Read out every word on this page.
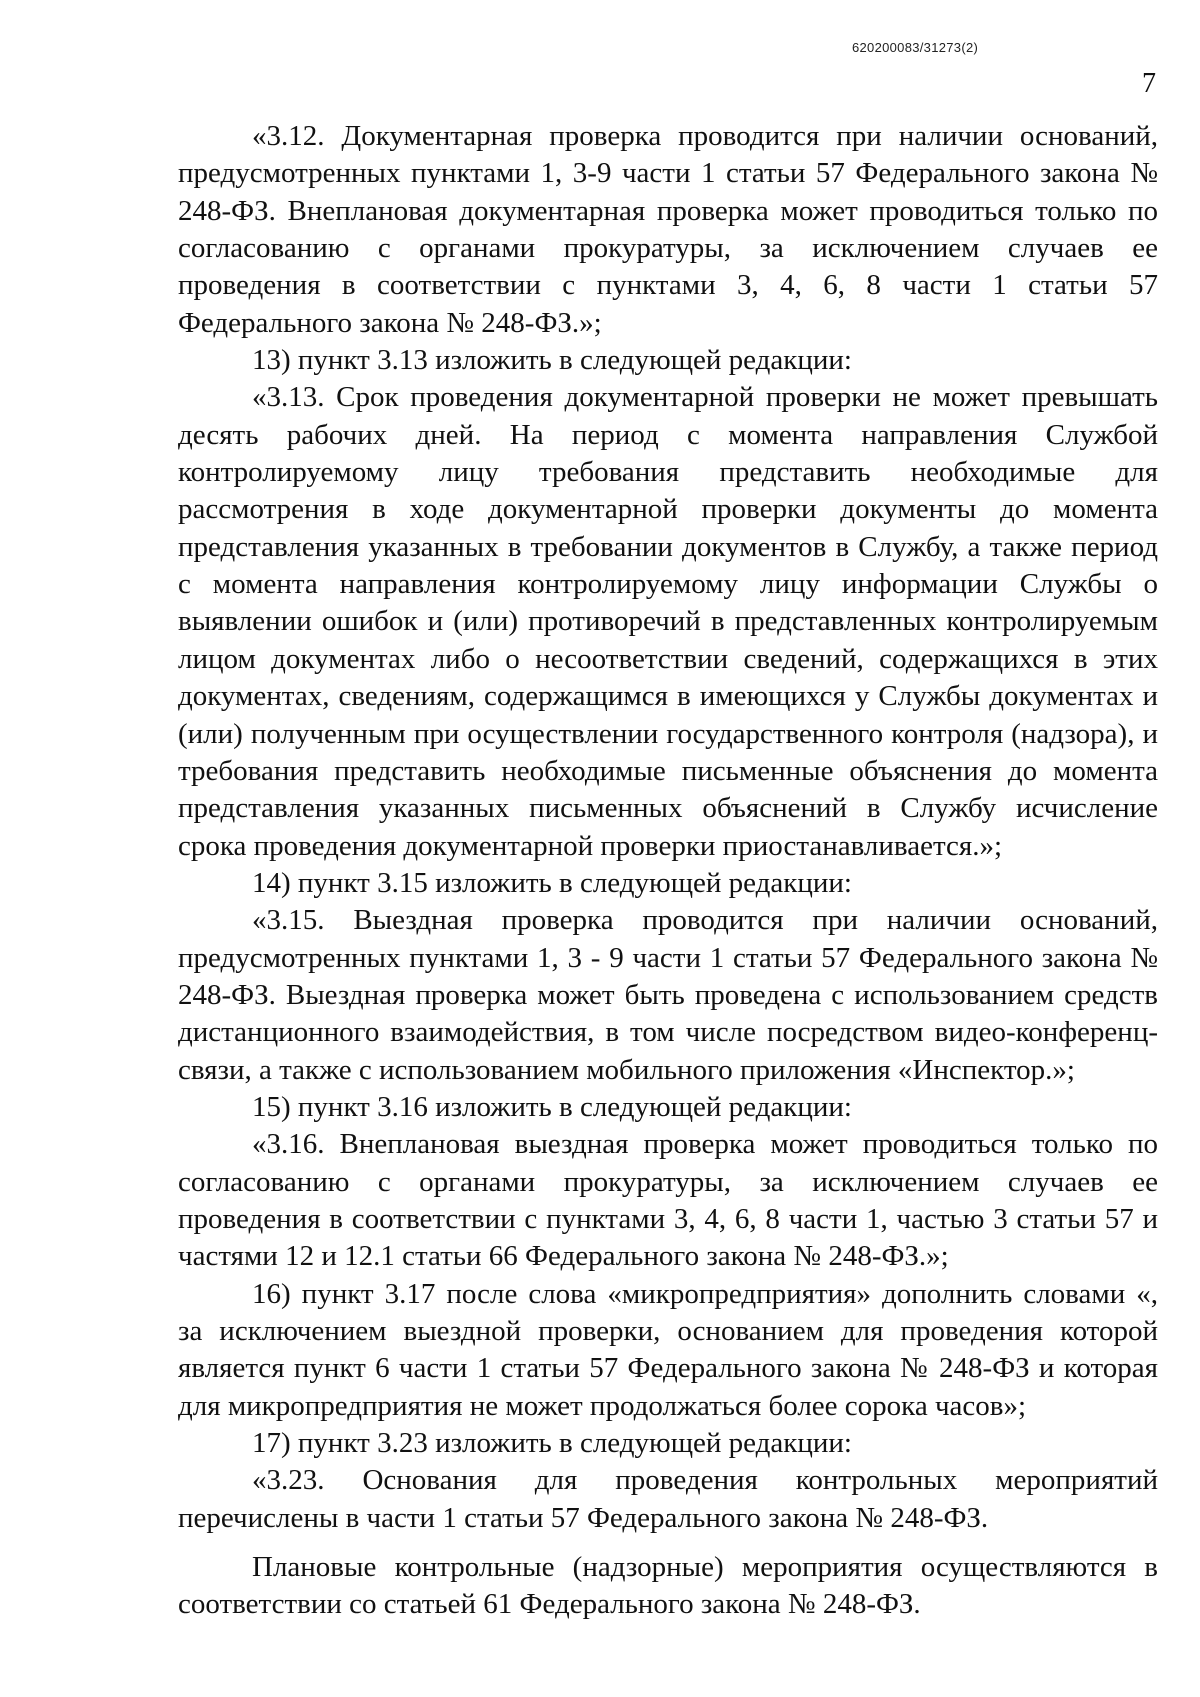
620200083/31273(2)
7

«3.12. Документарная проверка проводится при наличии оснований, предусмотренных пунктами 1, 3-9 части 1 статьи 57 Федерального закона № 248-ФЗ. Внеплановая документарная проверка может проводиться только по согласованию с органами прокуратуры, за исключением случаев ее проведения в соответствии с пунктами 3, 4, 6, 8 части 1 статьи 57 Федерального закона № 248-ФЗ.»;

13) пункт 3.13 изложить в следующей редакции:

«3.13. Срок проведения документарной проверки не может превышать десять рабочих дней. На период с момента направления Службой контролируемому лицу требования представить необходимые для рассмотрения в ходе документарной проверки документы до момента представления указанных в требовании документов в Службу, а также период с момента направления контролируемому лицу информации Службы о выявлении ошибок и (или) противоречий в представленных контролируемым лицом документах либо о несоответствии сведений, содержащихся в этих документах, сведениям, содержащимся в имеющихся у Службы документах и (или) полученным при осуществлении государственного контроля (надзора), и требования представить необходимые письменные объяснения до момента представления указанных письменных объяснений в Службу исчисление срока проведения документарной проверки приостанавливается.»;

14) пункт 3.15 изложить в следующей редакции:

«3.15. Выездная проверка проводится при наличии оснований, предусмотренных пунктами 1, 3 - 9 части 1 статьи 57 Федерального закона № 248-ФЗ. Выездная проверка может быть проведена с использованием средств дистанционного взаимодействия, в том числе посредством видео-конференц-связи, а также с использованием мобильного приложения «Инспектор.»;

15) пункт 3.16 изложить в следующей редакции:

«3.16. Внеплановая выездная проверка может проводиться только по согласованию с органами прокуратуры, за исключением случаев ее проведения в соответствии с пунктами 3, 4, 6, 8 части 1, частью 3 статьи 57 и частями 12 и 12.1 статьи 66 Федерального закона № 248-ФЗ.»;

16) пункт 3.17 после слова «микропредприятия» дополнить словами «, за исключением выездной проверки, основанием для проведения которой является пункт 6 части 1 статьи 57 Федерального закона № 248-ФЗ и которая для микропредприятия не может продолжаться более сорока часов»;

17) пункт 3.23 изложить в следующей редакции:

«3.23. Основания для проведения контрольных мероприятий перечислены в части 1 статьи 57 Федерального закона № 248-ФЗ.

Плановые контрольные (надзорные) мероприятия осуществляются в соответствии со статьей 61 Федерального закона № 248-ФЗ.
